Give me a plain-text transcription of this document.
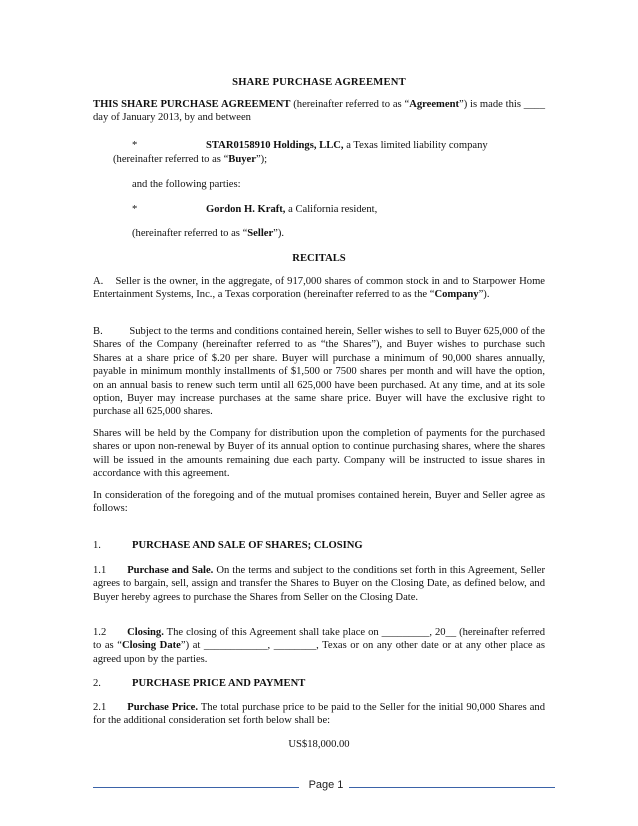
SHARE PURCHASE AGREEMENT

THIS SHARE PURCHASE AGREEMENT (hereinafter referred to as “Agreement”) is made this ____ day of January 2013, by and between

*	STAR0158910 Holdings, LLC, a Texas limited liability company

(hereinafter referred to as “Buyer”);

and the following parties:

*	Gordon H. Kraft, a California resident,

(hereinafter referred to as “Seller”).

RECITALS

A. Seller is the owner, in the aggregate, of 917,000 shares of common stock in and to Starpower Home Entertainment Systems, Inc., a Texas corporation (hereinafter referred to as the “Company”).

B.	Subject to the terms and conditions contained herein, Seller wishes to sell to Buyer 625,000 of the Shares of the Company (hereinafter referred to as “the Shares”), and Buyer wishes to purchase such Shares at a share price of $.20 per share. Buyer will purchase a minimum of 90,000 shares annually, payable in minimum monthly installments of $1,500 or 7500 shares per month and will have the option, on an annual basis to renew such term until all 625,000 have been purchased. At any time, and at its sole option, Buyer may increase purchases at the same share price. Buyer will have the exclusive right to purchase all 625,000 shares.

Shares will be held by the Company for distribution upon the completion of payments for the purchased shares or upon non-renewal by Buyer of its annual option to continue purchasing shares, where the shares will be issued in the amounts remaining due each party. Company will be instructed to issue shares in accordance with this agreement.

In consideration of the foregoing and of the mutual promises contained herein, Buyer and Seller agree as follows:

1.	PURCHASE AND SALE OF SHARES; CLOSING

1.1 Purchase and Sale. On the terms and subject to the conditions set forth in this Agreement, Seller agrees to bargain, sell, assign and transfer the Shares to Buyer on the Closing Date, as defined below, and Buyer hereby agrees to purchase the Shares from Seller on the Closing Date.

1.2 Closing. The closing of this Agreement shall take place on _________, 20__ (hereinafter referred to as “Closing Date”) at ____________, ________, Texas or on any other date or at any other place as agreed upon by the parties.

2.	PURCHASE PRICE AND PAYMENT

2.1 Purchase Price. The total purchase price to be paid to the Seller for the initial 90,000 Shares and for the additional consideration set forth below shall be:

US$18,000.00

Page 1
